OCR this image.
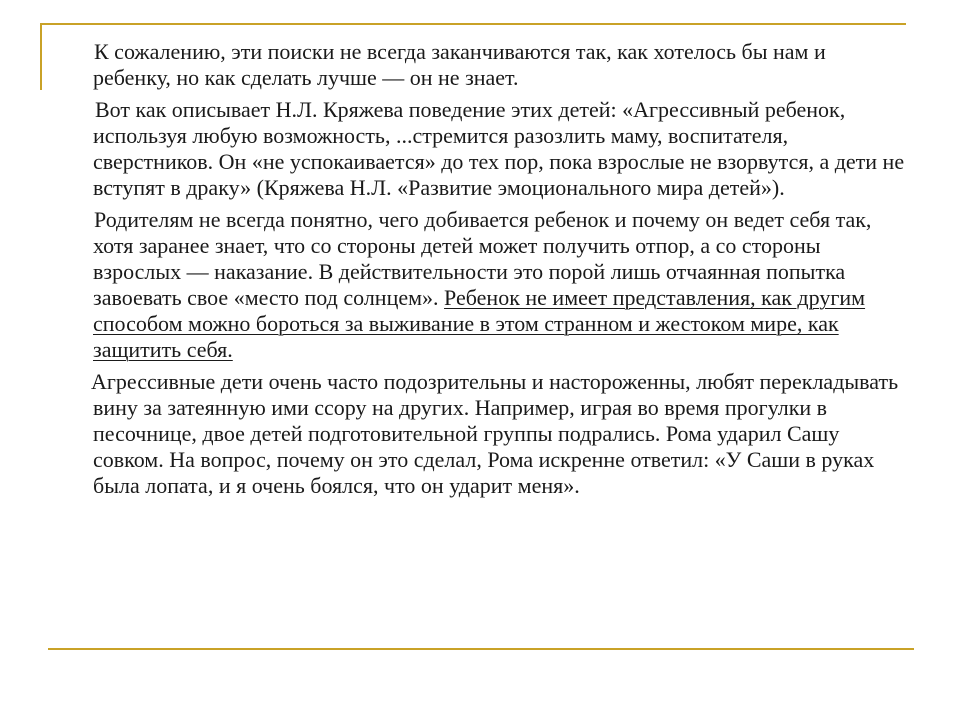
К сожалению, эти поиски не всегда заканчиваются так, как хотелось бы нам и ребенку, но как сделать лучше — он не знает.

Вот как описывает Н.Л. Кряжева поведение этих детей: «Агрессивный ребенок, используя любую возможность, ...стремится разозлить маму, воспитателя, сверстников. Он «не успокаивается» до тех пор, пока взрослые не взорвутся, а дети не вступят в драку» (Кряжева Н.Л. «Развитие эмоционального мира детей»).

Родителям не всегда понятно, чего добивается ребенок и почему он ведет себя так, хотя заранее знает, что со стороны детей может получить отпор, а со стороны взрослых — наказание. В действительности это порой лишь отчаянная попытка завоевать свое «место под солнцем». Ребенок не имеет представления, как другим способом можно бороться за выживание в этом странном и жестоком мире, как защитить себя.

Агрессивные дети очень часто подозрительны и настороженны, любят перекладывать вину за затеянную ими ссору на других. Например, играя во время прогулки в песочнице, двое детей подготовительной группы подрались. Рома ударил Сашу совком. На вопрос, почему он это сделал, Рома искренне ответил: «У Саши в руках была лопата, и я очень боялся, что он ударит меня».
